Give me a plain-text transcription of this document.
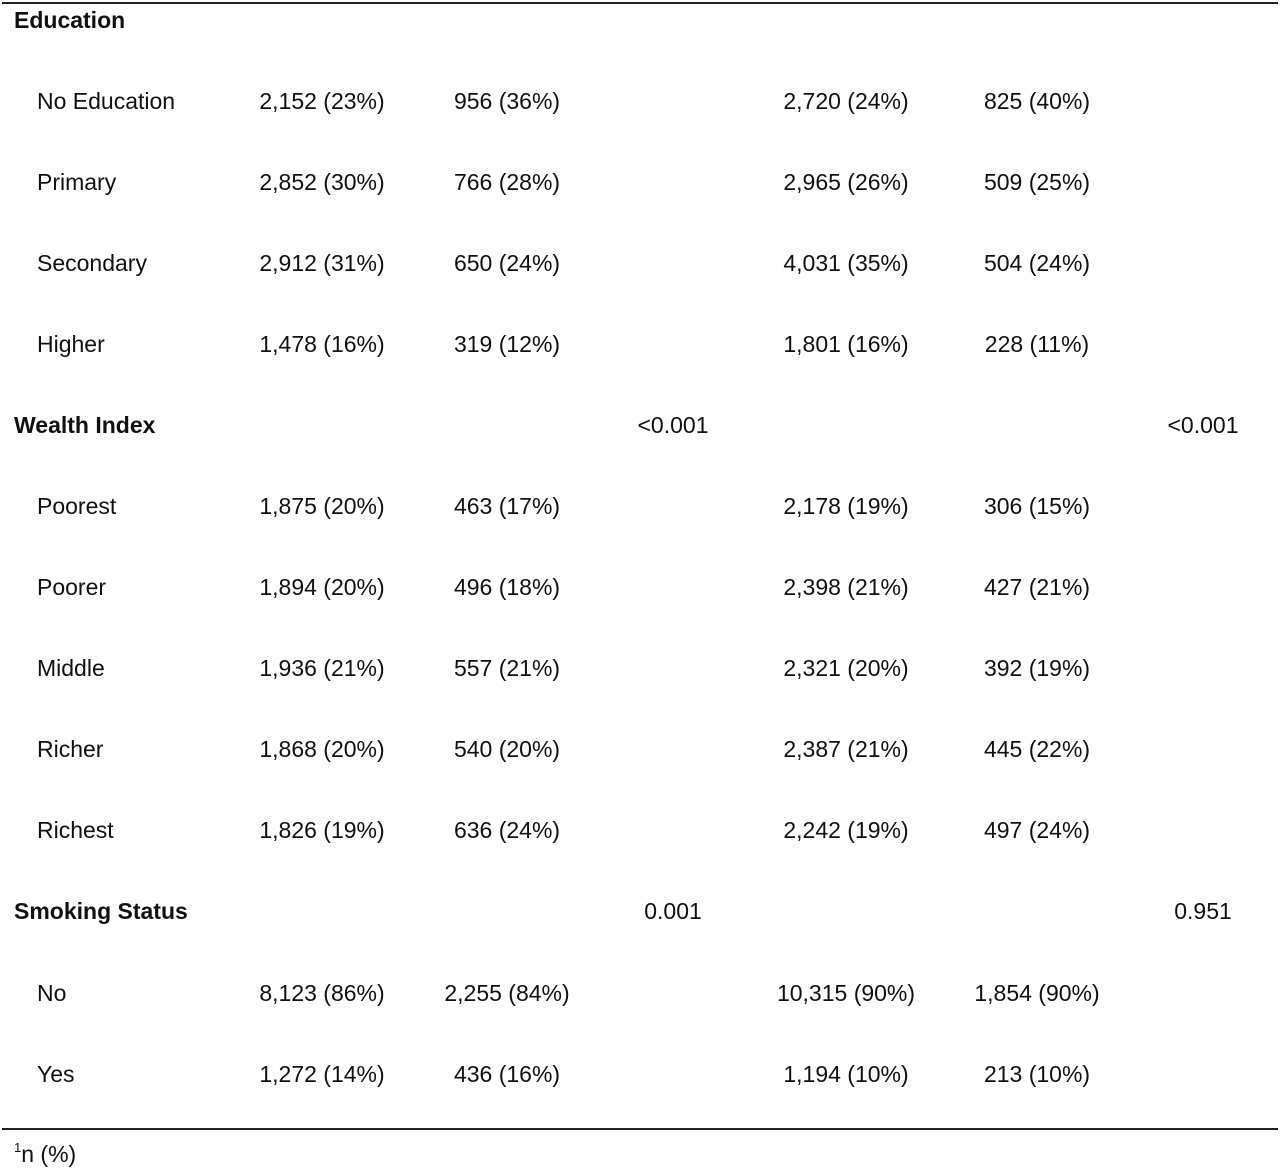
Education
No Education	2,152 (23%)	956 (36%)	2,720 (24%)	825 (40%)
Primary	2,852 (30%)	766 (28%)	2,965 (26%)	509 (25%)
Secondary	2,912 (31%)	650 (24%)	4,031 (35%)	504 (24%)
Higher	1,478 (16%)	319 (12%)	1,801 (16%)	228 (11%)
Wealth Index	<0.001	<0.001
Poorest	1,875 (20%)	463 (17%)	2,178 (19%)	306 (15%)
Poorer	1,894 (20%)	496 (18%)	2,398 (21%)	427 (21%)
Middle	1,936 (21%)	557 (21%)	2,321 (20%)	392 (19%)
Richer	1,868 (20%)	540 (20%)	2,387 (21%)	445 (22%)
Richest	1,826 (19%)	636 (24%)	2,242 (19%)	497 (24%)
Smoking Status	0.001	0.951
No	8,123 (86%)	2,255 (84%)	10,315 (90%)	1,854 (90%)
Yes	1,272 (14%)	436 (16%)	1,194 (10%)	213 (10%)
$^1$n (%)
